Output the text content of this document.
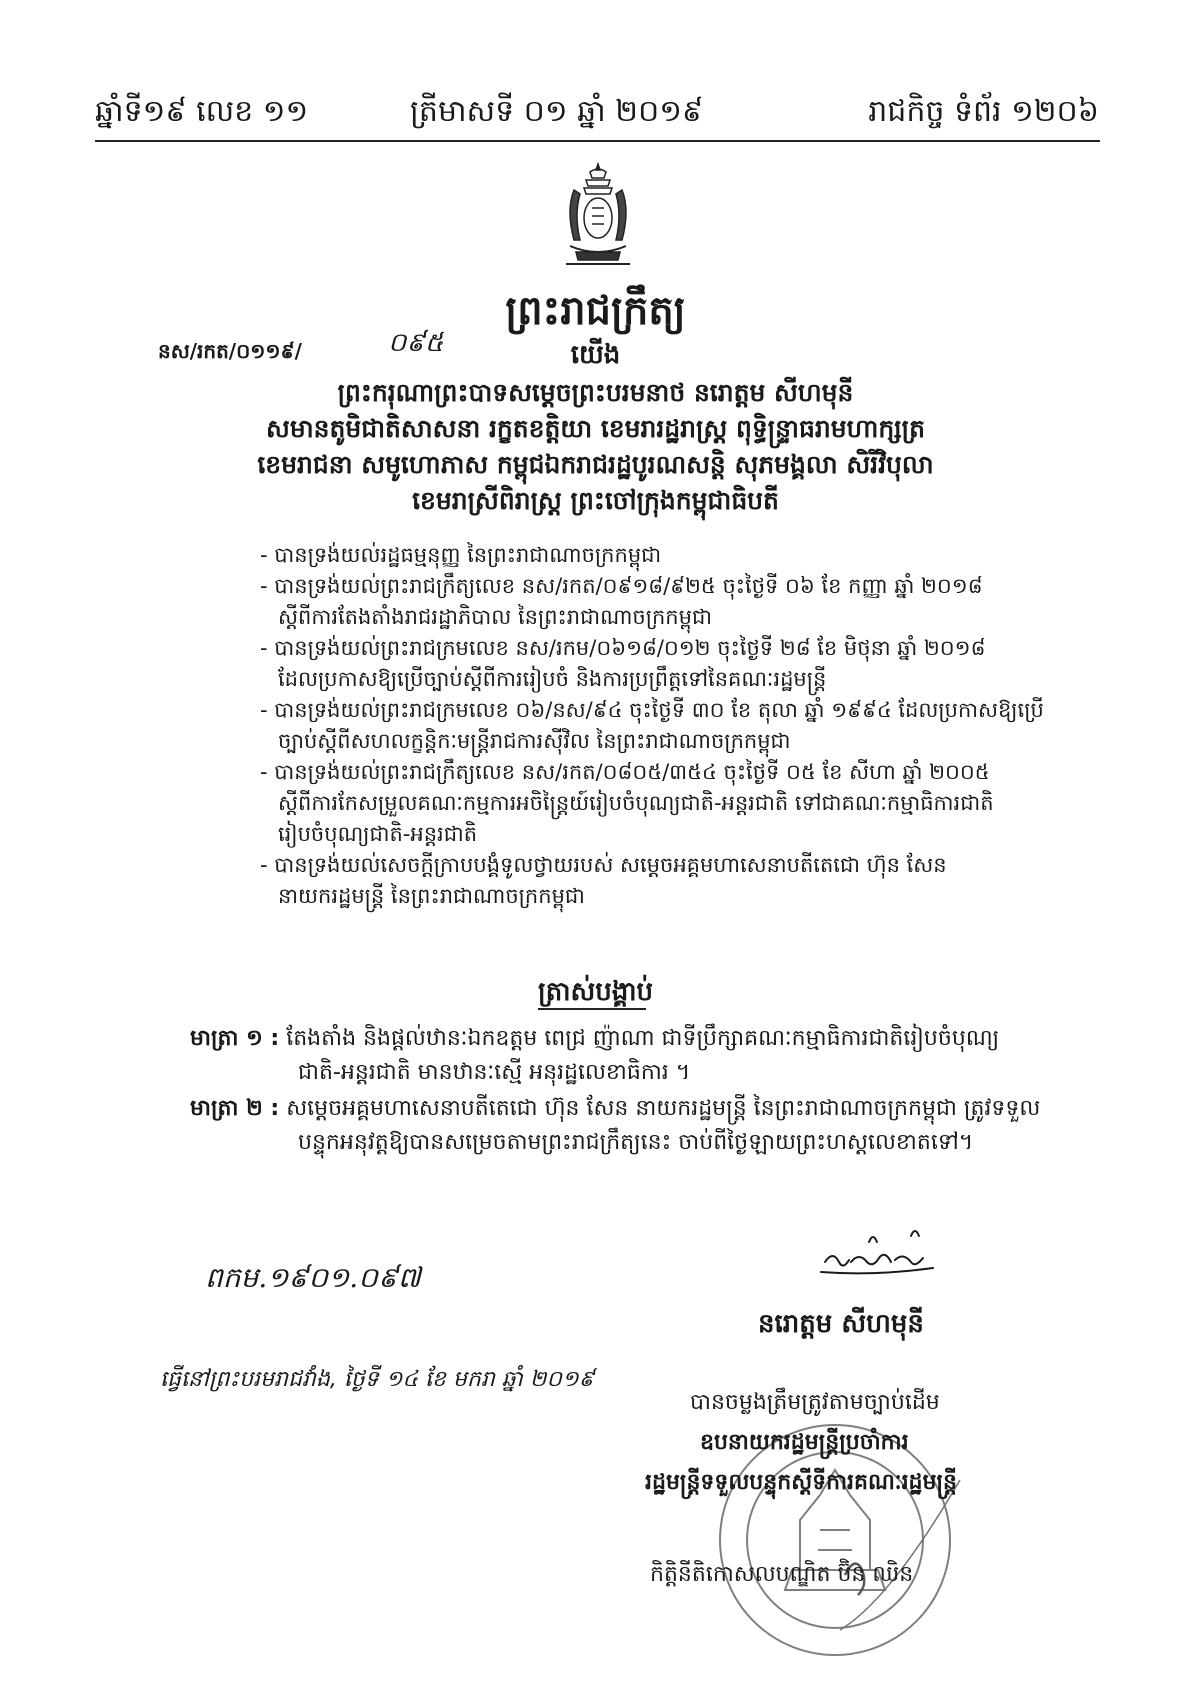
ឆ្នាំទី១៩ លេខ ១១	ត្រីមាសទី ០១ ឆ្នាំ ២០១៩	រាជកិច្ច ទំព័រ ១២០៦
ព្រះរាជក្រឹត្យ
នស/រកត/០១១៩/	០៩៥	យើង
ព្រះករុណាព្រះបាទសម្តេចព្រះបរមនាថ នរោត្តម សីហមុនី
សមានតូមិជាតិសាសនា រក្ខតខត្តិយា ខេមរារដ្ឋរាស្ត្រ ពុទ្ធិន្ទ្រាធរាមហាក្សត្រ
ខេមរាជនា សមូហោភាស កម្ពុជឯករាជរដ្ឋបូរណសន្តិ សុភមង្គលា សិរីវិបុលា
ខេមរាស្រីពិរាស្ត្រ ព្រះចៅក្រុងកម្ពុជាធិបតី
- បានទ្រង់យល់រដ្ឋធម្មនុញ្ញ នៃព្រះរាជាណាចក្រកម្ពុជា
- បានទ្រង់យល់ព្រះរាជក្រឹត្យលេខ នស/រកត/០៩១៨/៩២៥ ចុះថ្ងៃទី ០៦ ខែ កញ្ញា ឆ្នាំ ២០១៨
ស្តីពីការតែងតាំងរាជរដ្ឋាភិបាល នៃព្រះរាជាណាចក្រកម្ពុជា
- បានទ្រង់យល់ព្រះរាជក្រមលេខ នស/រកម/០៦១៨/០១២ ចុះថ្ងៃទី ២៨ ខែ មិថុនា ឆ្នាំ ២០១៨
ដែលប្រកាសឱ្យប្រើច្បាប់ស្តីពីការរៀបចំ និងការប្រព្រឹត្តទៅនៃគណៈរដ្ឋមន្ត្រី
- បានទ្រង់យល់ព្រះរាជក្រមលេខ ០៦/នស/៩៤ ចុះថ្ងៃទី ៣០ ខែ តុលា ឆ្នាំ ១៩៩៤ ដែលប្រកាសឱ្យប្រើ
ច្បាប់ស្តីពីសហលក្ខន្តិកៈមន្ត្រីរាជការស៊ីវិល នៃព្រះរាជាណាចក្រកម្ពុជា
- បានទ្រង់យល់ព្រះរាជក្រឹត្យលេខ នស/រកត/០៨០៥/៣៥៤ ចុះថ្ងៃទី ០៥ ខែ សីហា ឆ្នាំ ២០០៥
ស្តីពីការកែសម្រួលគណៈកម្មការអចិន្ត្រៃយ៍រៀបចំបុណ្យជាតិ-អន្តរជាតិ ទៅជាគណៈកម្មាធិការជាតិ
រៀបចំបុណ្យជាតិ-អន្តរជាតិ
- បានទ្រង់យល់សេចក្តីក្រាបបង្គំទូលថ្វាយរបស់ សម្តេចអគ្គមហាសេនាបតីតេជោ ហ៊ុន សែន
នាយករដ្ឋមន្ត្រី នៃព្រះរាជាណាចក្រកម្ពុជា
ត្រាស់បង្គាប់
មាត្រា ១ : តែងតាំង និងផ្តល់ឋានៈឯកឧត្តម ពេជ្រ ញ៉ាណា ជាទីប្រឹក្សាគណៈកម្មាធិការជាតិរៀបចំបុណ្យ
ជាតិ-អន្តរជាតិ មានឋានៈស្មើ អនុរដ្ឋលេខាធិការ ។
មាត្រា ២ : សម្តេចអគ្គមហាសេនាបតីតេជោ ហ៊ុន សែន នាយករដ្ឋមន្ត្រី នៃព្រះរាជាណាចក្រកម្ពុជា ត្រូវទទួល
បន្ទុកអនុវត្តឱ្យបានសម្រេចតាមព្រះរាជក្រឹត្យនេះ ចាប់ពីថ្ងៃឡាយព្រះហស្តលេខាតទៅ។
ពកម.១៩០១.០៩៧
នរោត្តម សីហមុនី
ធ្វើនៅព្រះបរមរាជវាំង, ថ្ងៃទី ១៤ ខែ មករា ឆ្នាំ ២០១៩
បានចម្លងត្រឹមត្រូវតាមច្បាប់ដើម
ឧបនាយករដ្ឋមន្ត្រីប្រចាំការ
រដ្ឋមន្ត្រីទទួលបន្ទុកស្តីទីការគណៈរដ្ឋមន្ត្រី
កិត្តិនីតិកោសលបណ្ឌិត ប៊ិន ឈិន
